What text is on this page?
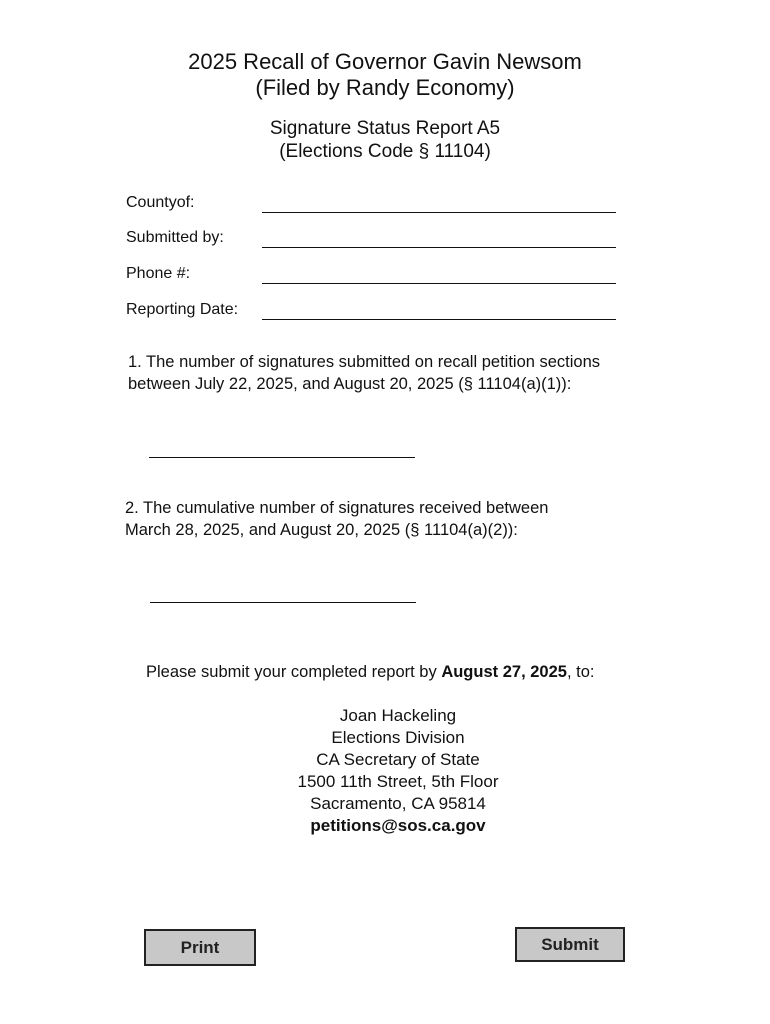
2025 Recall of Governor Gavin Newsom
(Filed by Randy Economy)
Signature Status Report A5
(Elections Code § 11104)
Countyof:
Submitted by:
Phone #:
Reporting Date:
1. The number of signatures submitted on recall petition sections
between July 22, 2025, and August 20, 2025 (§ 11104(a)(1)):
2. The cumulative number of signatures received between
March 28, 2025, and August 20, 2025 (§ 11104(a)(2)):
Please submit your completed report by August 27, 2025, to:
Joan Hackeling
Elections Division
CA Secretary of State
1500 11th Street, 5th Floor
Sacramento, CA 95814
petitions@sos.ca.gov
Print	Submit
